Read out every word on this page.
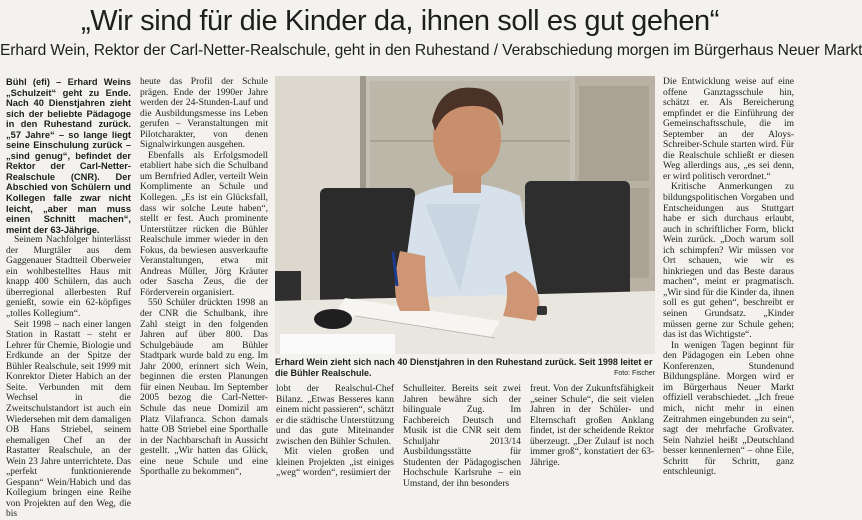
„Wir sind für die Kinder da, ihnen soll es gut gehen“
Erhard Wein, Rektor der Carl-Netter-Realschule, geht in den Ruhestand / Verabschiedung morgen im Bürgerhaus Neuer Markt

Bühl (efi) – Erhard Weins „Schulzeit“ geht zu Ende. Nach 40 Dienstjahren zieht sich der beliebte Pädagoge in den Ruhestand zurück. „57 Jahre“ – so lange liegt seine Einschulung zurück – „sind genug“, befindet der Rektor der Carl-Netter-Realschule (CNR). Der Abschied von Schülern und Kollegen falle zwar nicht leicht, „aber man muss einen Schnitt machen“, meint der 63-Jährige.

Seinem Nachfolger hinterlässt der Murgtäler aus dem Gaggenauer Stadtteil Oberweier ein wohlbestelltes Haus mit knapp 400 Schülern, das auch überregional allerbesten Ruf genießt, sowie ein 62-köpfiges „tolles Kollegium“.

Seit 1998 – nach einer langen Station in Rastatt – steht er Lehrer für Chemie, Biologie und Erdkunde an der Spitze der Bühler Realschule, seit 1999 mit Konrektor Dieter Habich an der Seite. Verbunden mit dem Wechsel in die Zweitschulstandort ist auch ein Wiedersehen mit dem damaligen OB Hans Striebel, seinem ehemaligen Chef an der Rastatter Realschule, an der Wein 23 Jahre unterrichtete. Das „perfekt funktionierende Gespann“ Wein/Habich und das Kollegium bringen eine Reihe von Projekten auf den Weg, die bis

heute das Profil der Schule prägen. Ende der 1990er Jahre werden der 24-Stunden-Lauf und die Ausbildungsmesse ins Leben gerufen – Veranstaltungen mit Pilotcharakter, von denen Signalwirkungen ausgehen.

Ebenfalls als Erfolgsmodell etabliert habe sich die Schulband um Bernfried Adler, verteilt Wein Komplimente an Schule und Kollegen. „Es ist ein Glücksfall, dass wir solche Leute haben“, stellt er fest. Auch prominente Unterstützer rücken die Bühler Realschule immer wieder in den Fokus, da bewiesen ausverkaufte Veranstaltungen, etwa mit Andreas Müller, Jörg Kräuter oder Sascha Zeus, die der Förderverein organisiert.

550 Schüler drückten 1998 an der CNR die Schulbank, ihre Zahl steigt in den folgenden Jahren auf über 800. Das Schulgebäude am Bühler Stadtpark wurde bald zu eng. Im Jahr 2000, erinnert sich Wein, beginnen die ersten Planungen für einen Neubau. Im September 2005 bezog die Carl-Netter-Schule das neue Domizil am Platz Vilafranca. Schon damals hatte OB Striebel eine Sporthalle in der Nachbarschaft in Aussicht gestellt. „Wir hatten das Glück, eine neue Schule und eine Sporthalle zu bekommen“,

Erhard Wein zieht sich nach 40 Dienstjahren in den Ruhestand zurück. Seit 1998 leitet er die Bühler Realschule.	Foto: Fischer

lobt der Realschul-Chef Bilanz. „Etwas Besseres kann einem nicht passieren“, schätzt er die städtische Unterstützung und das gute Miteinander zwischen den Bühler Schulen.

Mit vielen großen und kleinen Projekten „ist einiges „weg“ worden“, resümiert der

Schulleiter. Bereits seit zwei Jahren bewähre sich der bilinguale Zug. Im Fachbereich Deutsch und Musik ist die CNR seit dem Schuljahr 2013/14 Ausbildungsstätte für Studenten der Pädagogischen Hochschule Karlsruhe – ein Umstand, der ihn besonders

freut. Von der Zukunftsfähigkeit „seiner Schule“, die seit vielen Jahren in der Schüler- und Elternschaft großen Anklang findet, ist der scheidende Rektor überzeugt. „Der Zulauf ist noch immer groß“, konstatiert der 63-Jährige.

Die Entwicklung weise auf eine offene Ganztagsschule hin, schätzt er. Als Bereicherung empfindet er die Einführung der Gemeinschaftsschule, die im September an der Aloys-Schreiber-Schule starten wird. Für die Realschule schließt er diesen Weg allerdings aus, „es sei denn, er wird politisch verordnet.“

Kritische Anmerkungen zu bildungspolitischen Vorgaben und Entscheidungen aus Stuttgart habe er sich durchaus erlaubt, auch in schriftlicher Form, blickt Wein zurück. „Doch warum soll ich schimpfen? Wir müssen vor Ort schauen, wie wir es hinkriegen und das Beste daraus machen“, meint er pragmatisch. „Wir sind für die Kinder da, ihnen soll es gut gehen“, beschreibt er seinen Grundsatz. „Kinder müssen gerne zur Schule gehen; das ist das Wichtigste“.

In wenigen Tagen beginnt für den Pädagogen ein Leben ohne Konferenzen, Stundenund Bildungspläne. Morgen wird er im Bürgerhaus Neuer Markt offiziell verabschiedet. „Ich freue mich, nicht mehr in einen Zeitrahmen eingebunden zu sein“, sagt der mehrfache Großvater. Sein Nahziel heißt „Deutschland besser kennenlernen“ – ohne Eile, Schritt für Schritt, ganz entschleunigt.
